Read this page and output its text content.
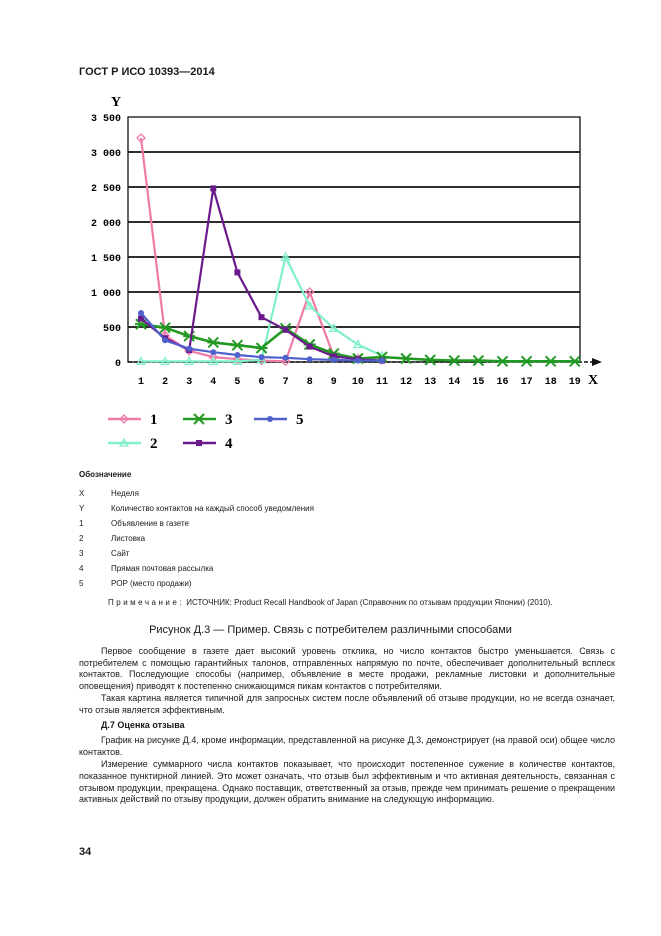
ГОСТ Р ИСО 10393—2014
0
500
1 000
1 500
2 000
2 500
3 000
3 500
1 2 3 4 5 6 7 8 9 10 11 12 13 14 15 16 17 18 19
1
2
3
4
5
Y
X
Обозначение
X	Неделя
Y	Количество контактов на каждый способ уведомления
1	Объявление в газете
2	Листовка
3	Сайт
4	Прямая почтовая рассылка
5	POP (место продажи)
Примечание: ИСТОЧНИК: Product Recall Handbook of Japan (Справочник по отзывам продукции Японии) (2010).
Рисунок Д.3 — Пример. Связь с потребителем различными способами

Первое сообщение в газете дает высокий уровень отклика, но число контактов быстро уменьшается. Связь с потребителем с помощью гарантийных талонов, отправленных напрямую по почте, обеспечивает дополнительный всплеск контактов. Последующие способы (например, объявление в месте продажи, рекламные листовки и дополнительные оповещения) приводят к постепенно снижающимся пикам контактов с потребителями.

Такая картина является типичной для запросных систем после объявлений об отзыве продукции, но не всегда означает, что отзыв является эффективным.

Д.7 Оценка отзыва

График на рисунке Д.4, кроме информации, представленной на рисунке Д.3, демонстрирует (на правой оси) общее число контактов.

Измерение суммарного числа контактов показывает, что происходит постепенное сужение в количестве контактов, показанное пунктирной линией. Это может означать, что отзыв был эффективным и что активная деятельность, связанная с отзывом продукции, прекращена. Однако поставщик, ответственный за отзыв, прежде чем принимать решение о прекращении активных действий по отзыву продукции, должен обратить внимание на следующую информацию.

34
